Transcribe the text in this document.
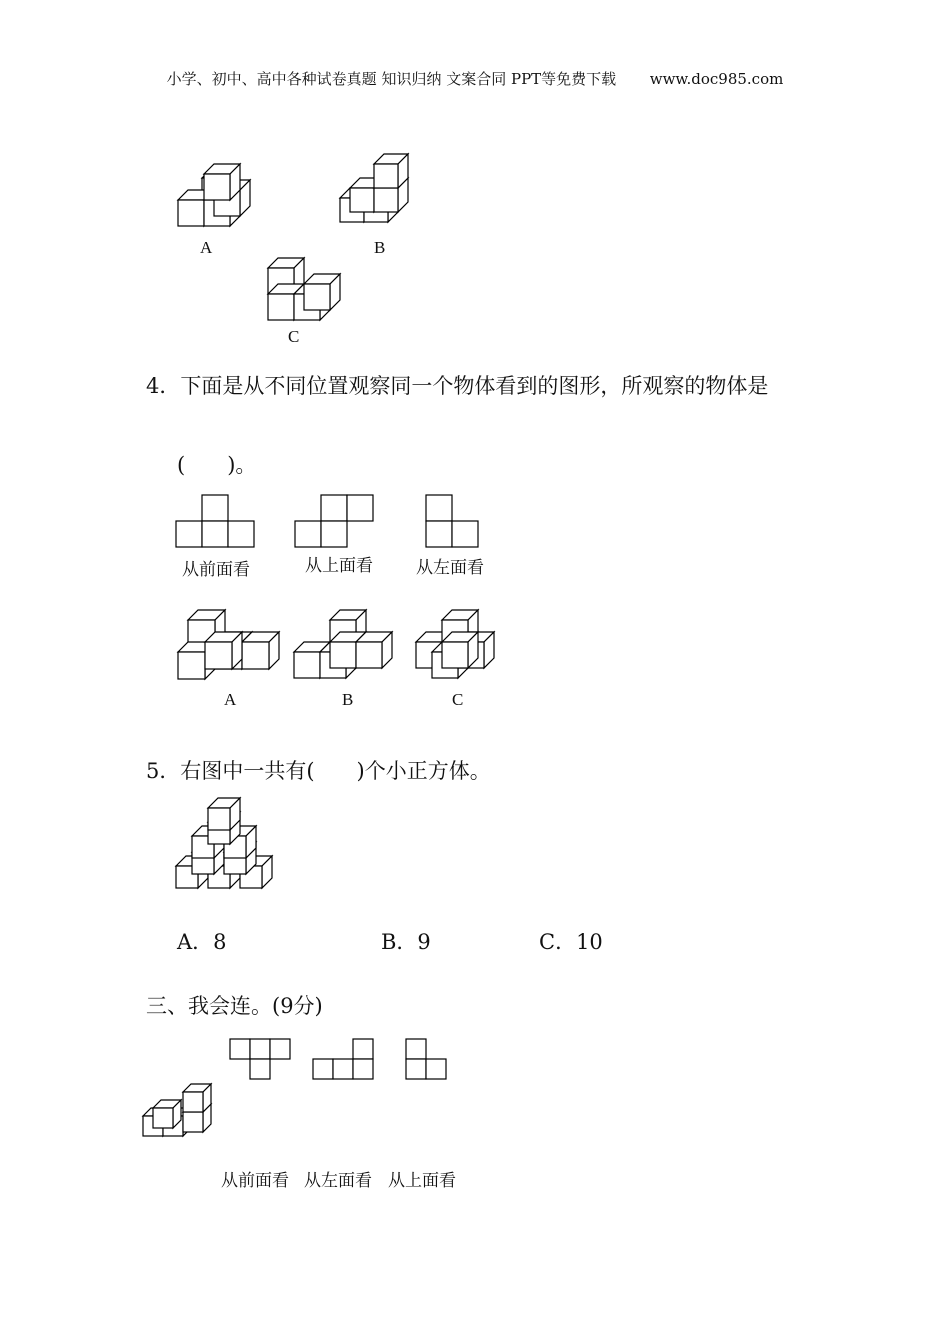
小学、初中、高中各种试卷真题 知识归纳 文案合同 PPT等免费下载 www.doc985.com
A	B
C
4．下面是从不同位置观察同一个物体看到的图形，所观察的物体是
(　　)。
从前面看	从上面看	从左面看
A	B	C
5．右图中一共有(　　)个小正方体。
A．8	B．9	C．10
三、我会连。(9分)
从前面看 从左面看 从上面看
